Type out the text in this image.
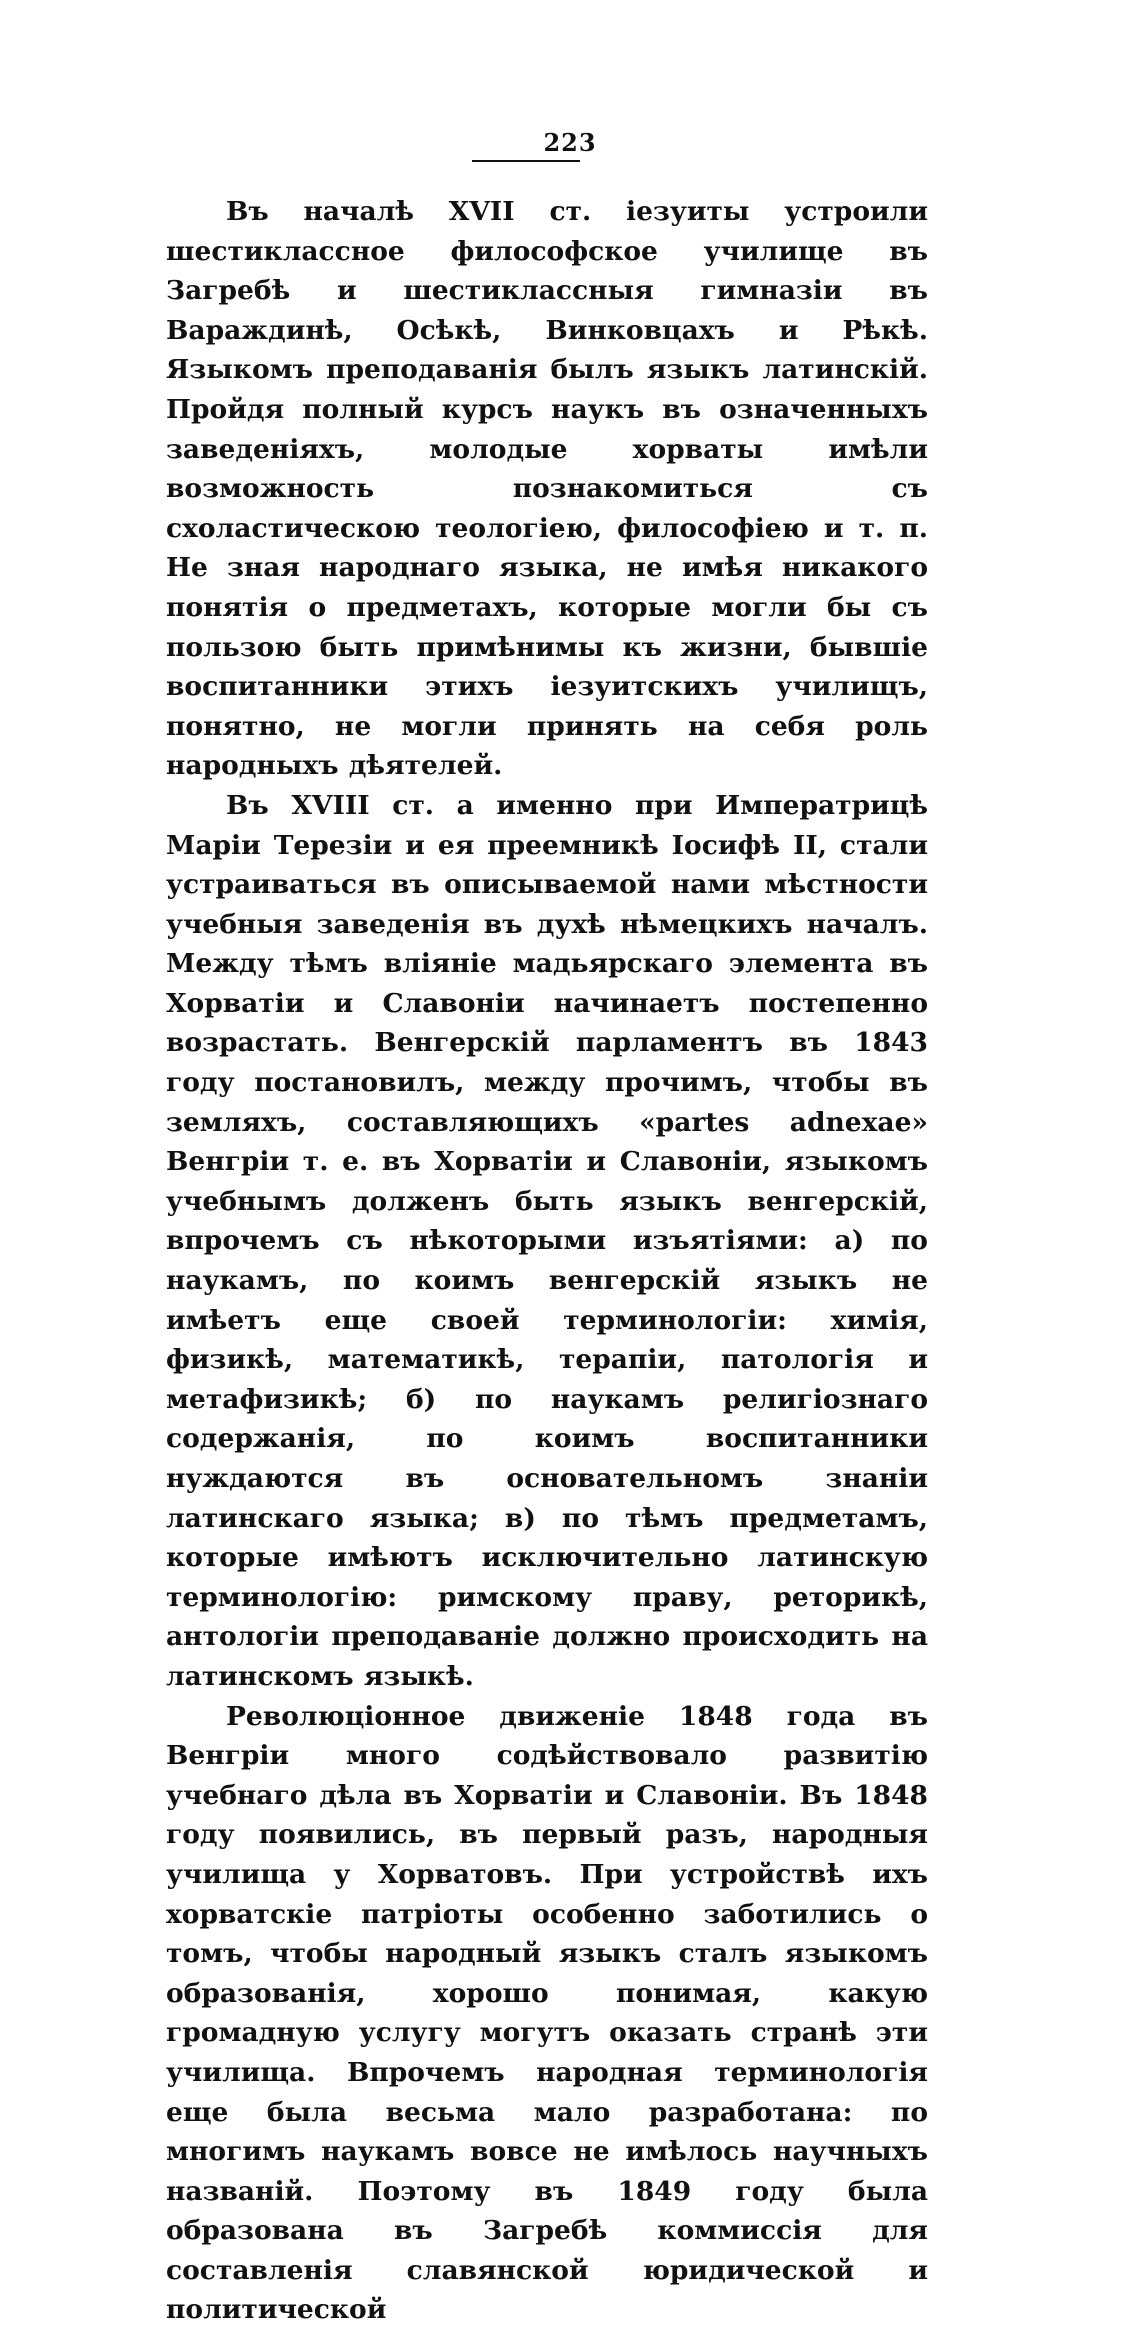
223

Въ началѣ XVII ст. іезуиты устроили шестиклассное философское училище въ Загребѣ и шестиклассныя гимназіи въ Вараждинѣ, Осѣкѣ, Винковцахъ и Рѣкѣ. Языкомъ преподаванія былъ языкъ латинскій. Пройдя полный курсъ наукъ въ означенныхъ заведеніяхъ, молодые хорваты имѣли возможность познакомиться съ схоластическою теологіею, философіею и т. п. Не зная народнаго языка, не имѣя никакого понятія о предметахъ, которые могли бы съ пользою быть примѣнимы къ жизни, бывшіе воспитанники этихъ іезуитскихъ училищъ, понятно, не могли принять на себя роль народныхъ дѣятелей.

Въ XVIII ст. а именно при Императрицѣ Маріи Терезіи и ея преемникѣ Іосифѣ II, стали устраиваться въ описываемой нами мѣстности учебныя заведенія въ духѣ нѣмецкихъ началъ. Между тѣмъ вліяніе мадьярскаго элемента въ Хорватіи и Славоніи начинаетъ постепенно возрастать. Венгерскій парламентъ въ 1843 году постановилъ, между прочимъ, чтобы въ земляхъ, составляющихъ «partes adnexae» Венгріи т. е. въ Хорватіи и Славоніи, языкомъ учебнымъ долженъ быть языкъ венгерскій, впрочемъ съ нѣкоторыми изъятіями: а) по наукамъ, по коимъ венгерскій языкъ не имѣетъ еще своей терминологіи: химія, физикѣ, математикѣ, терапіи, патологія и метафизикѣ; б) по наукамъ религіознаго содержанія, по коимъ воспитанники нуждаются въ основательномъ знаніи латинскаго языка; в) по тѣмъ предметамъ, которые имѣютъ исключительно латинскую терминологію: римскому праву, реторикѣ, антологіи преподаваніе должно происходить на латинскомъ языкѣ.

Революціонное движеніе 1848 года въ Венгріи много содѣйствовало развитію учебнаго дѣла въ Хорватіи и Славоніи. Въ 1848 году появились, въ первый разъ, народныя училища у Хорватовъ. При устройствѣ ихъ хорватскіе патріоты особенно заботились о томъ, чтобы народный языкъ сталъ языкомъ образованія, хорошо понимая, какую громадную услугу могутъ оказать странѣ эти училища. Впрочемъ народная терминологія еще была весьма мало разработана: по многимъ наукамъ вовсе не имѣлось научныхъ названій. Поэтому въ 1849 году была образована въ Загребѣ коммиссія для составленія славянской юридической и политической
